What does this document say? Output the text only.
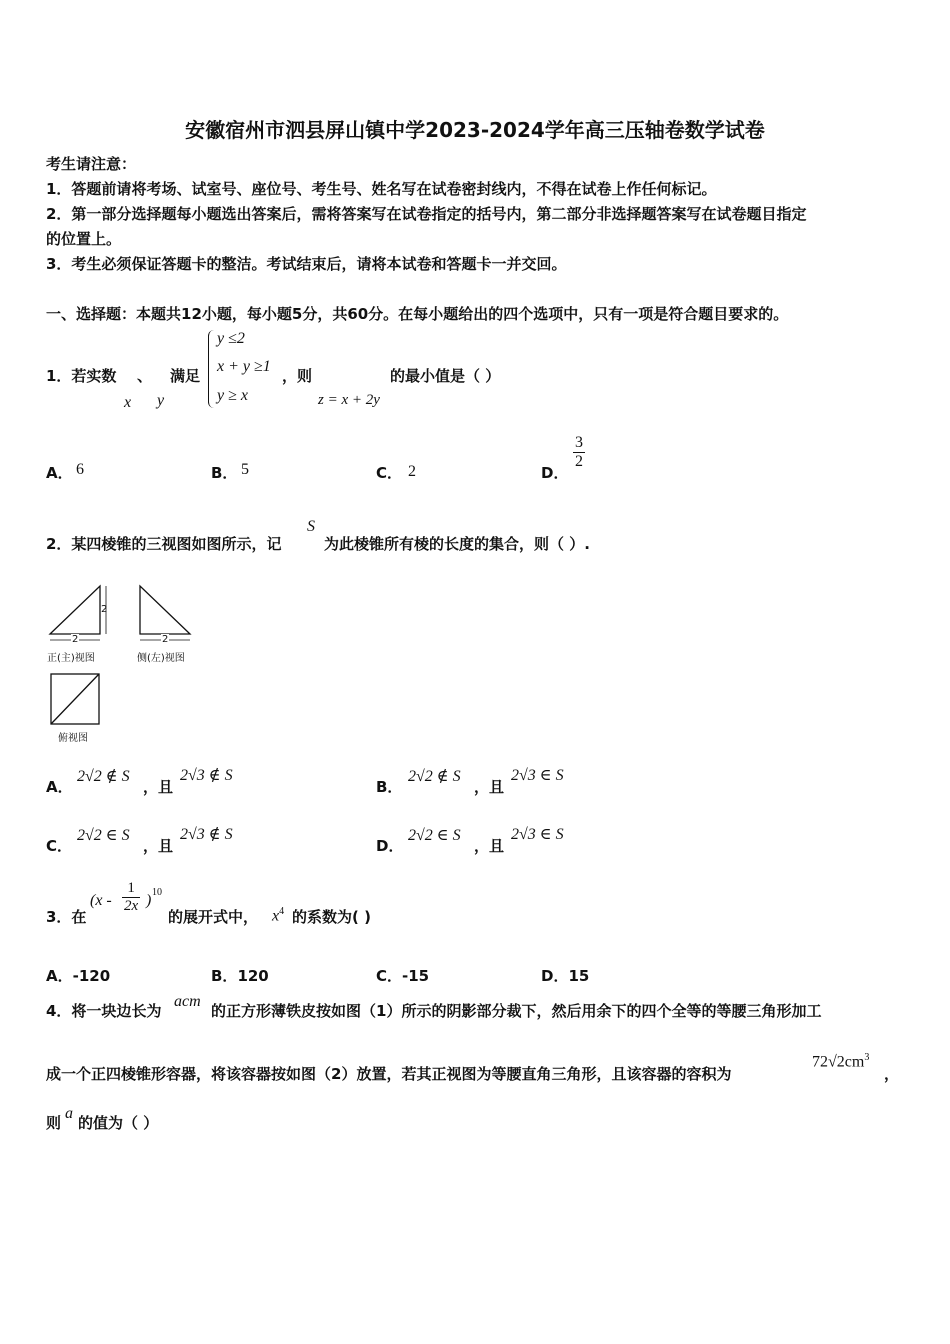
安徽宿州市泗县屏山镇中学2023-2024学年高三压轴卷数学试卷
考生请注意：
1．答题前请将考场、试室号、座位号、考生号、姓名写在试卷密封线内，不得在试卷上作任何标记。
2．第一部分选择题每小题选出答案后，需将答案写在试卷指定的括号内，第二部分非选择题答案写在试卷题目指定
的位置上。
3．考生必须保证答题卡的整洁。考试结束后，请将本试卷和答题卡一并交回。
一、选择题：本题共12小题，每小题5分，共60分。在每小题给出的四个选项中，只有一项是符合题目要求的。
1．若实数 、 满足
x y
y ≤2
x + y ≥1
y ≥ x
，则
z = x + 2y
的最小值是（ ）
A． 6	B． 5	C． 2	D．
$\frac{3}{2}$
2．某四棱锥的三视图如图所示，记
S
为此棱锥所有棱的长度的集合，则（ ）.
2
2	2
正(主)视图	侧(左)视图
俯视图
A．
2√2 ∉ S
，且
2√3 ∉ S
B．
2√2 ∉ S
，且
2√3 ∈ S
C．
2√2 ∈ S
，且
2√3 ∉ S
D．
2√2 ∈ S
，且
2√3 ∈ S
3．在
($x - \frac{1}{2x}$ ) 10
的展开式中， $x^4$ 的系数为( )
A．-120	B．120	C．-15	D．15
4．将一块边长为
acm
的正方形薄铁皮按如图（1）所示的阴影部分裁下，然后用余下的四个全等的等腰三角形加工
成一个正四棱锥形容器，将该容器按如图（2）放置，若其正视图为等腰直角三角形，且该容器的容积为
$72√2cm^3$
，
则
a
的值为（ ）
